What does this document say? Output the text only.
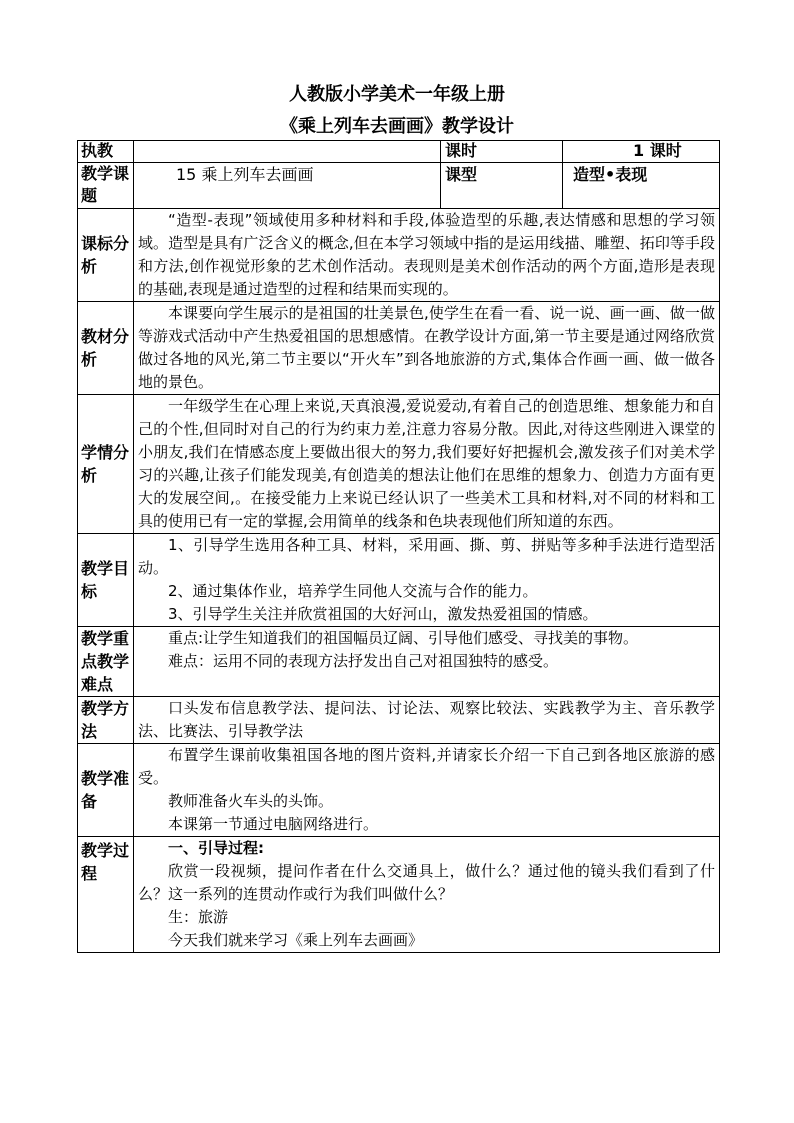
人教版小学美术一年级上册
《乘上列车去画画》教学设计
执教		课时	1 课时
教学课题	15 乘上列车去画画	课型	造型•表现
课标分析	“造型-表现”领域使用多种材料和手段,体验造型的乐趣,表达情感和思想的学习领域。造型是具有广泛含义的概念,但在本学习领域中指的是运用线描、雕塑、拓印等手段和方法,创作视觉形象的艺术创作活动。表现则是美术创作活动的两个方面,造形是表现的基础,表现是通过造型的过程和结果而实现的。		

教材分析	本课要向学生展示的是祖国的壮美景色,使学生在看一看、说一说、画一画、做一做等游戏式活动中产生热爱祖国的思想感情。在教学设计方面,第一节主要是通过网络欣赏做过各地的风光,第二节主要以“开火车”到各地旅游的方式,集体合作画一画、做一做各地的景色。		

学情分析	一年级学生在心理上来说,天真浪漫,爱说爱动,有着自己的创造思维、想象能力和自己的个性,但同时对自己的行为约束力差,注意力容易分散。因此,对待这些刚进入课堂的小朋友,我们在情感态度上要做出很大的努力,我们要好好把握机会,激发孩子们对美术学习的兴趣,让孩子们能发现美,有创造美的想法让他们在思维的想象力、创造力方面有更大的发展空间,。在接受能力上来说已经认识了一些美术工具和材料,对不同的材料和工具的使用已有一定的掌握,会用简单的线条和色块表现他们所知道的东西。		

教学目标	1、引导学生选用各种工具、材料，采用画、撕、剪、拼贴等多种手法进行造型活动。

2、通过集体作业，培养学生同他人交流与合作的能力。

3、引导学生关注并欣赏祖国的大好河山，激发热爱祖国的情感。		

教学重点教学难点	重点:让学生知道我们的祖国幅员辽阔、引导他们感受、寻找美的事物。

难点：运用不同的表现方法抒发出自己对祖国独特的感受。		

教学方法	口头发布信息教学法、提问法、讨论法、观察比较法、实践教学为主、音乐教学法、比赛法、引导教学法		

教学准备	布置学生课前收集祖国各地的图片资料,并请家长介绍一下自己到各地区旅游的感受。

教师准备火车头的头饰。

本课第一节通过电脑网络进行。		

教学过程	一、引导过程:

欣赏一段视频，提问作者在什么交通具上，做什么？通过他的镜头我们看到了什么？这一系列的连贯动作或行为我们叫做什么？

生：旅游

今天我们就来学习《乘上列车去画画》		
